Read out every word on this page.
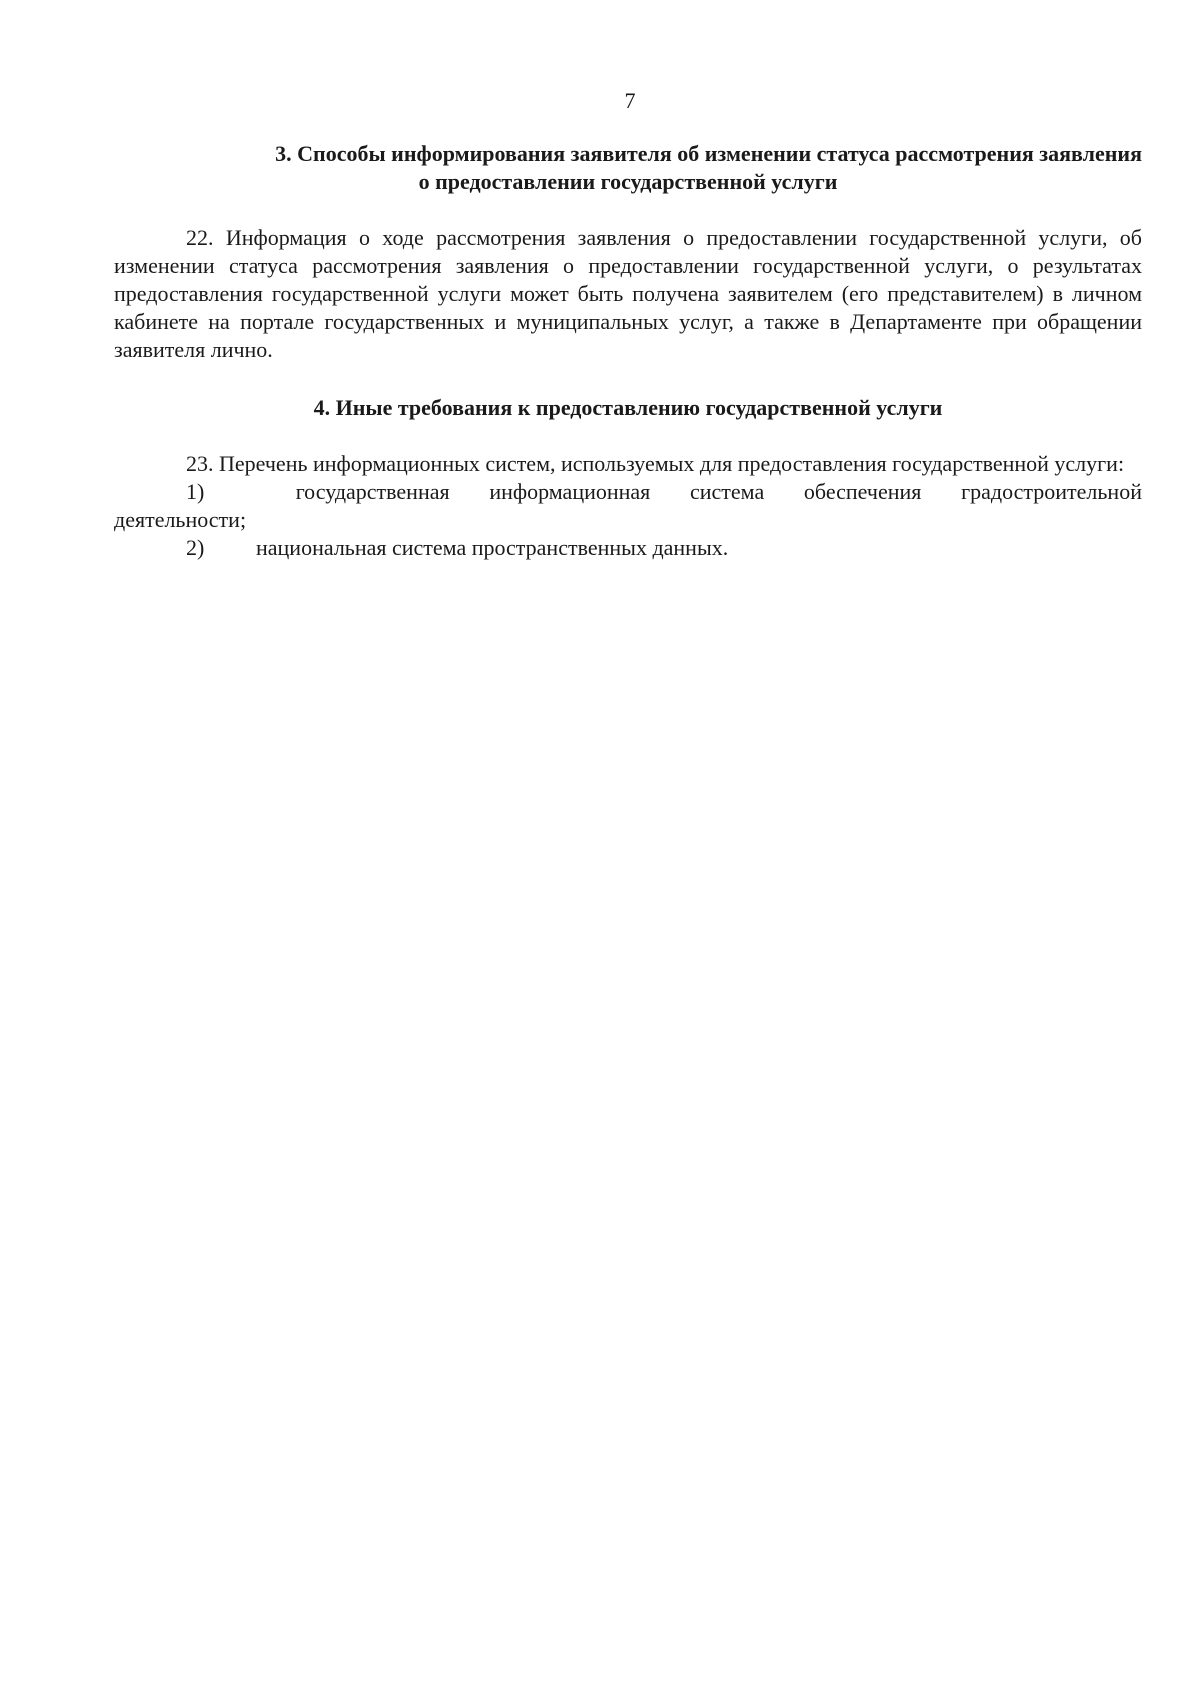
7
3. Способы информирования заявителя об изменении статуса рассмотрения заявления
о предоставлении государственной услуги

22. Информация о ходе рассмотрения заявления о предоставлении государственной услуги, об изменении статуса рассмотрения заявления о предоставлении государственной услуги, о результатах предоставления государственной услуги может быть получена заявителем (его представителем) в личном кабинете на портале государственных и муниципальных услуг, а также в Департаменте при обращении заявителя лично.

4. Иные требования к предоставлению государственной услуги

23. Перечень информационных систем, используемых для предоставления государственной услуги:

1)	государственная информационная система обеспечения градостроительной

деятельности;

2)	национальная система пространственных данных.
